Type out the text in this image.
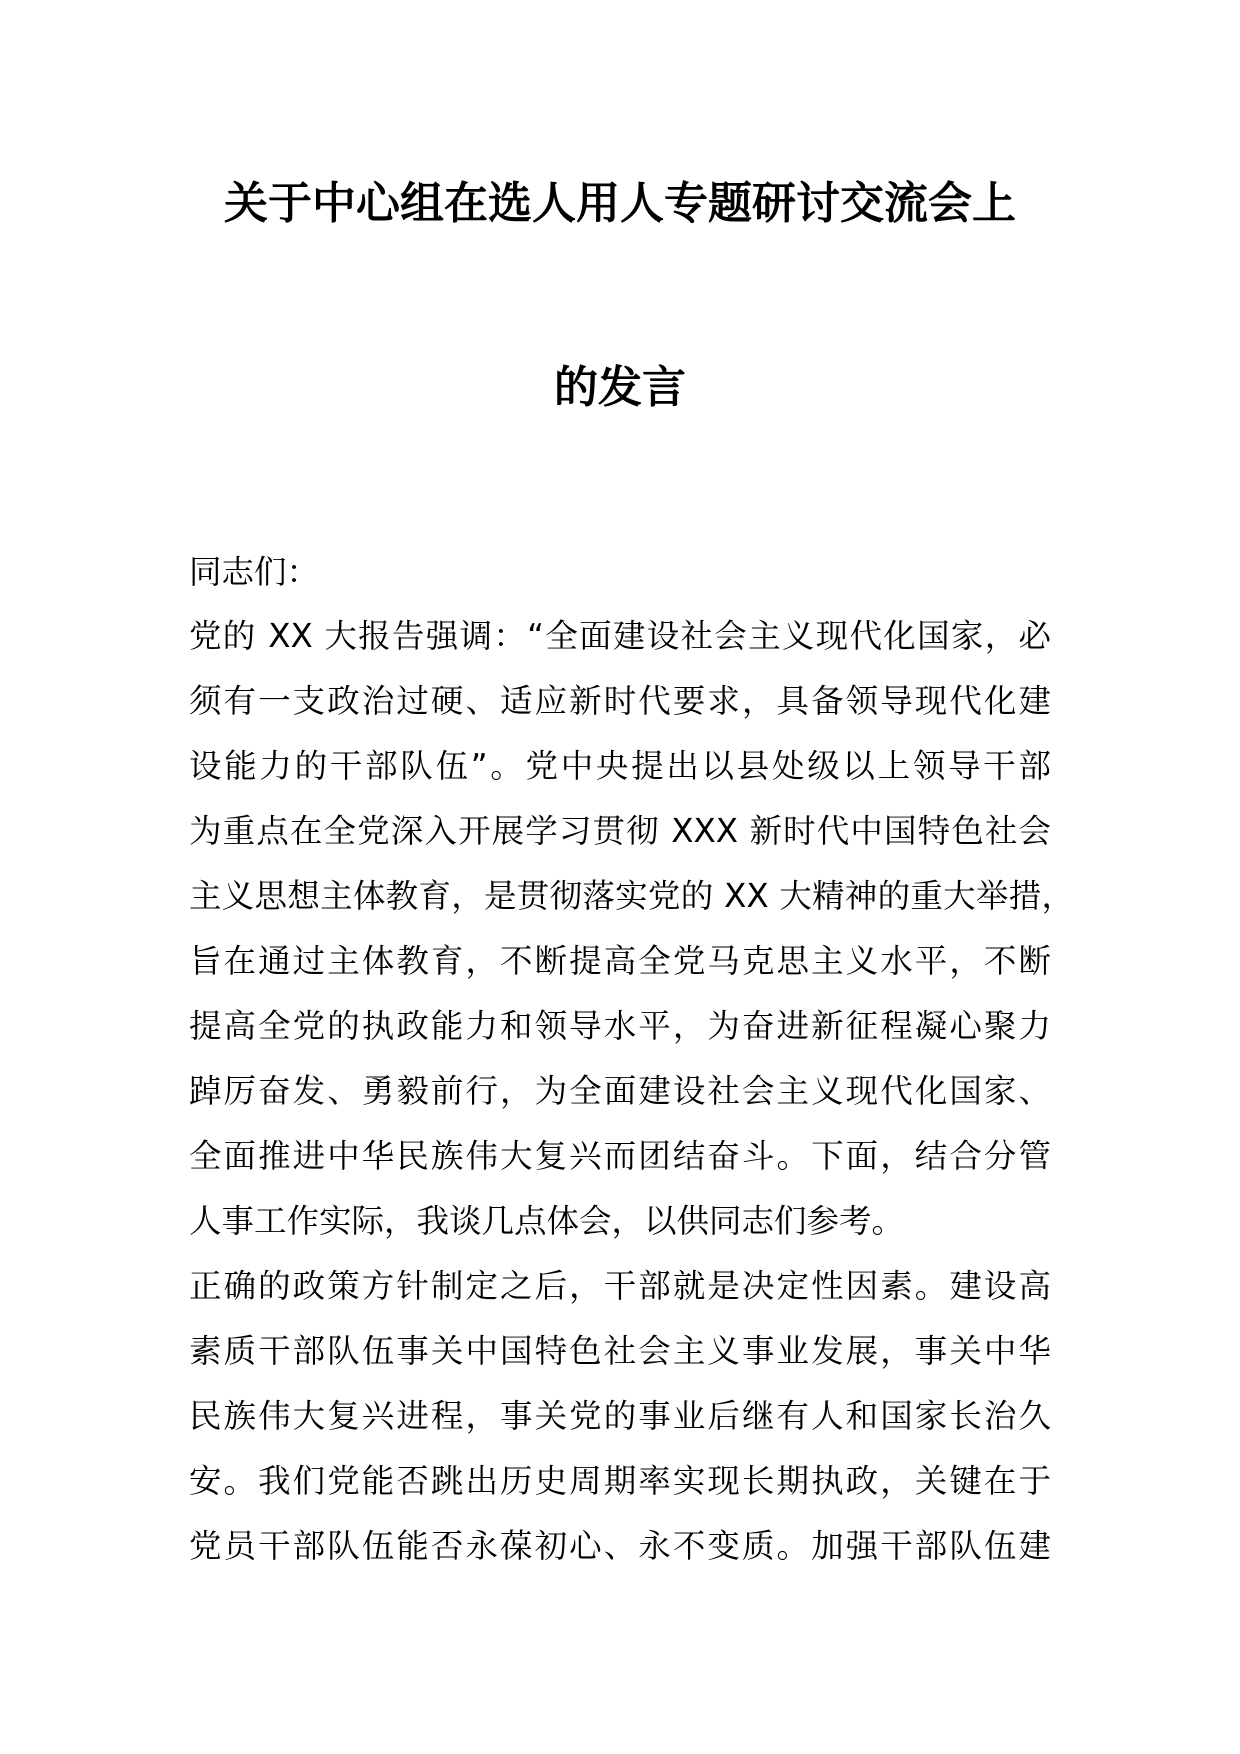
关于中心组在选人用人专题研讨交流会上
的发言

同志们：

党的 XX 大报告强调：“全面建设社会主义现代化国家，必

须有一支政治过硬、适应新时代要求，具备领导现代化建

设能力的干部队伍”。党中央提出以县处级以上领导干部

为重点在全党深入开展学习贯彻 XXX 新时代中国特色社会

主义思想主体教育，是贯彻落实党的 XX 大精神的重大举措，

旨在通过主体教育，不断提高全党马克思主义水平，不断

提高全党的执政能力和领导水平，为奋进新征程凝心聚力

踔厉奋发、勇毅前行，为全面建设社会主义现代化国家、

全面推进中华民族伟大复兴而团结奋斗。下面，结合分管

人事工作实际，我谈几点体会，以供同志们参考。

正确的政策方针制定之后，干部就是决定性因素。建设高

素质干部队伍事关中国特色社会主义事业发展，事关中华

民族伟大复兴进程，事关党的事业后继有人和国家长治久

安。我们党能否跳出历史周期率实现长期执政，关键在于

党员干部队伍能否永葆初心、永不变质。加强干部队伍建
